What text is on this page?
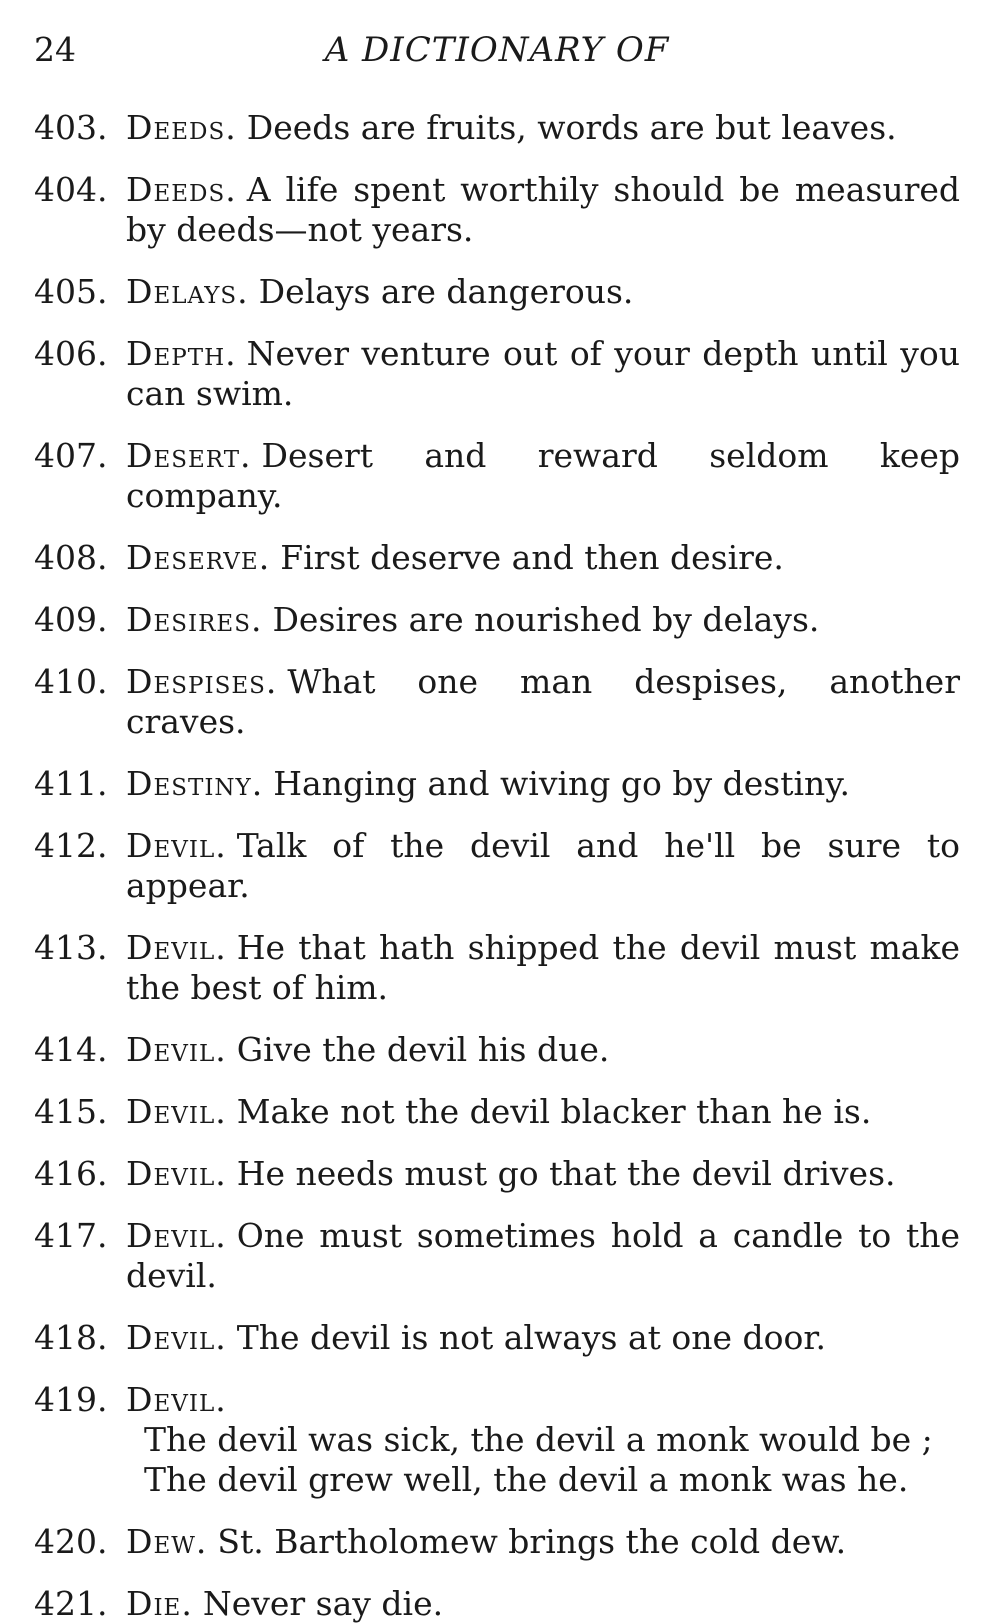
24	A DICTIONARY OF
403. Deeds. Deeds are fruits, words are but leaves.
404. Deeds. A life spent worthily should be measured by deeds—not years.
405. Delays. Delays are dangerous.
406. Depth. Never venture out of your depth until you can swim.
407. Desert. Desert and reward seldom keep company.
408. Deserve. First deserve and then desire.
409. Desires. Desires are nourished by delays.
410. Despises. What one man despises, another craves.
411. Destiny. Hanging and wiving go by destiny.
412. Devil. Talk of the devil and he'll be sure to appear.
413. Devil. He that hath shipped the devil must make the best of him.
414. Devil. Give the devil his due.
415. Devil. Make not the devil blacker than he is.
416. Devil. He needs must go that the devil drives.
417. Devil. One must sometimes hold a candle to the devil.
418. Devil. The devil is not always at one door.
419. Devil.
The devil was sick, the devil a monk would be ;
The devil grew well, the devil a monk was he.
420. Dew. St. Bartholomew brings the cold dew.
421. Die. Never say die.
